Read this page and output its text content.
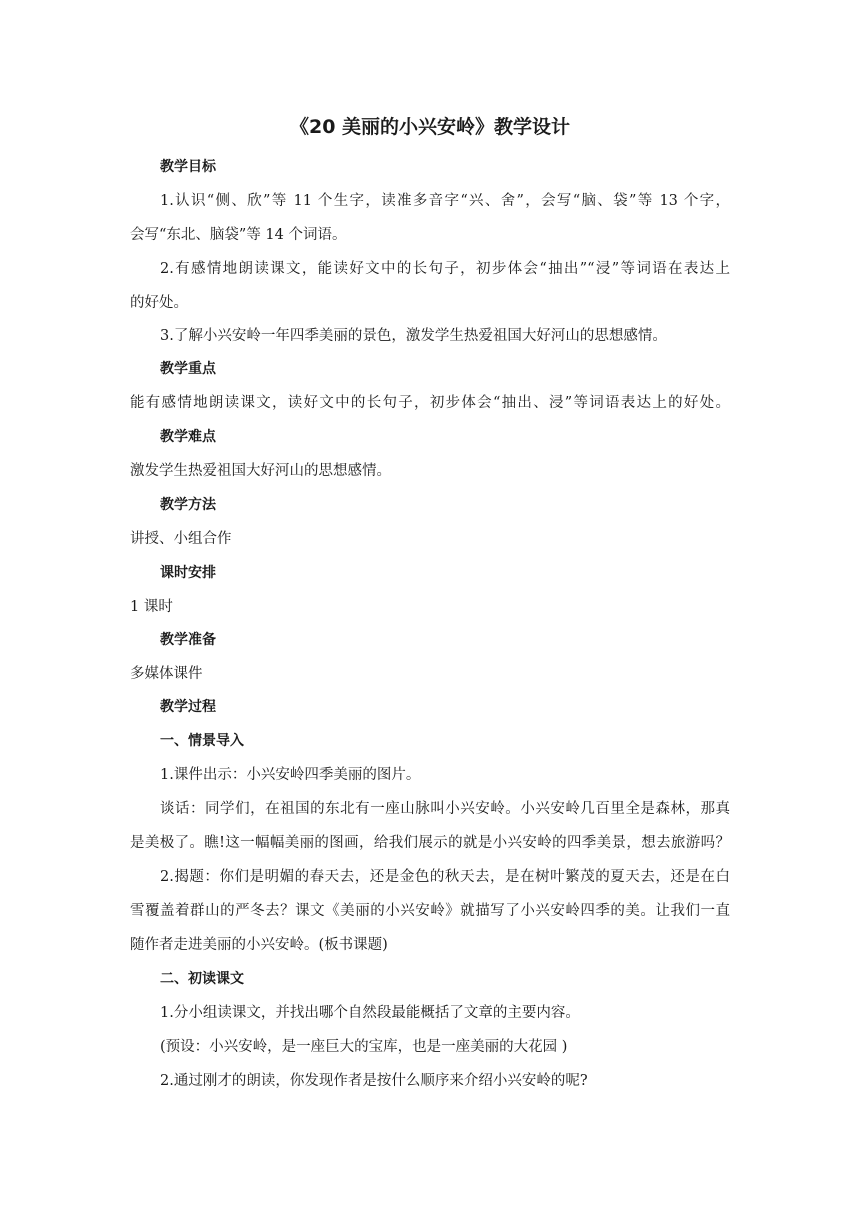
《20 美丽的小兴安岭》教学设计
教学目标
1.认识“侧、欣”等 11 个生字，读准多音字“兴、舍”，会写“脑、袋”等 13 个字，
会写“东北、脑袋”等 14 个词语。
2.有感情地朗读课文，能读好文中的长句子，初步体会“抽出”“浸”等词语在表达上
的好处。
3.了解小兴安岭一年四季美丽的景色，激发学生热爱祖国大好河山的思想感情。
教学重点
能有感情地朗读课文，读好文中的长句子，初步体会“抽出、浸”等词语表达上的好处。
教学难点
激发学生热爱祖国大好河山的思想感情。
教学方法
讲授、小组合作
课时安排
1 课时
教学准备
多媒体课件
教学过程
一、情景导入
1.课件出示：小兴安岭四季美丽的图片。
谈话：同学们，在祖国的东北有一座山脉叫小兴安岭。小兴安岭几百里全是森林，那真
是美极了。瞧!这一幅幅美丽的图画，给我们展示的就是小兴安岭的四季美景，想去旅游吗？
2.揭题：你们是明媚的春天去，还是金色的秋天去，是在树叶繁茂的夏天去，还是在白
雪覆盖着群山的严冬去？课文《美丽的小兴安岭》就描写了小兴安岭四季的美。让我们一直
随作者走进美丽的小兴安岭。(板书课题)
二、初读课文
1.分小组读课文，并找出哪个自然段最能概括了文章的主要内容。
(预设：小兴安岭，是一座巨大的宝库，也是一座美丽的大花园 )
2.通过刚才的朗读，你发现作者是按什么顺序来介绍小兴安岭的呢?
